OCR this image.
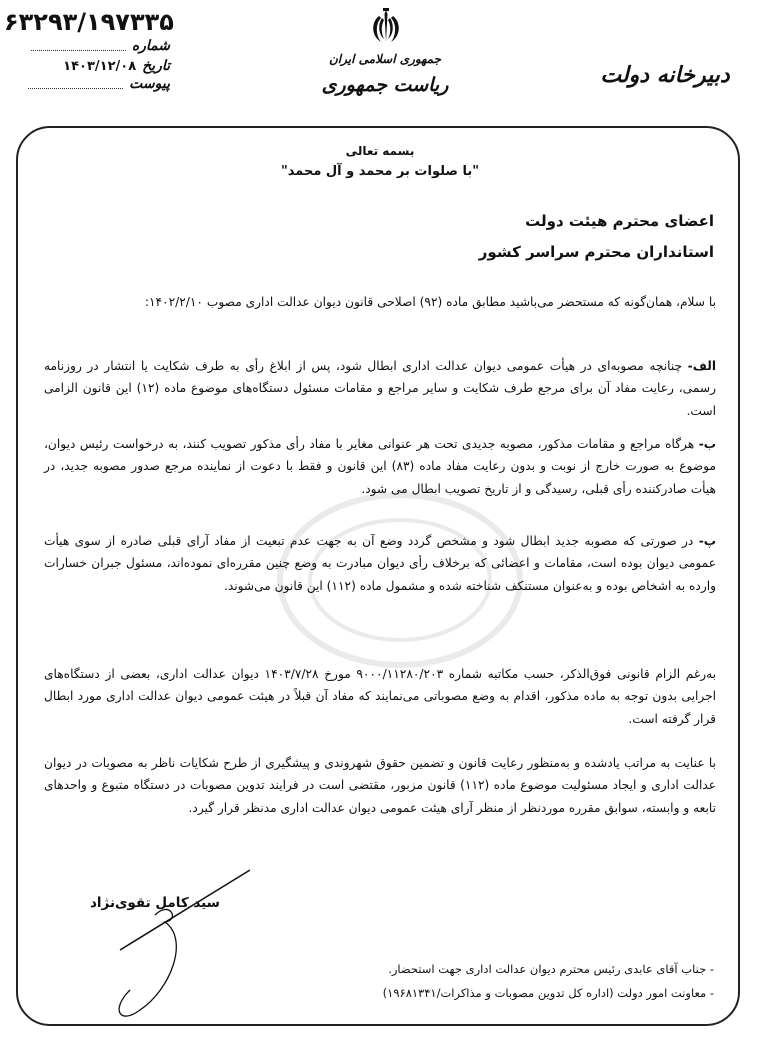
۶۳۲۹۳/۱۹۷۳۳۵
شماره
تاریخ
۱۴۰۳/۱۲/۰۸
پیوست
جمهوری اسلامی ایران
ریاست جمهوری	دبیرخانه دولت
بسمه تعالی
"با صلوات بر محمد و آل محمد"
اعضای محترم هیئت دولت
استانداران محترم سراسر کشور
با سلام، همان‌گونه که مستحضر می‌باشید مطابق ماده (۹۲) اصلاحی قانون دیوان عدالت اداری مصوب ۱۴۰۲/۲/۱۰:
الف- چنانچه مصوبه‌ای در هیأت عمومی دیوان عدالت اداری ابطال شود، پس از ابلاغ رأی به طرف شکایت یا انتشار در روزنامه رسمی، رعایت مفاد آن برای مرجع طرف شکایت و سایر مراجع و مقامات مسئول دستگاه‌های موضوع ماده (۱۲) این قانون الزامی است.
ب- هرگاه مراجع و مقامات مذکور، مصوبه جدیدی تحت هر عنوانی مغایر با مفاد رأی مذکور تصویب کنند، به درخواست رئیس دیوان، موضوع به صورت خارج از نوبت و بدون رعایت مفاد ماده (۸۳) این قانون و فقط با دعوت از نماینده مرجع صدور مصوبه جدید، در هیأت صادرکننده رأی قبلی، رسیدگی و از تاریخ تصویب ابطال می شود.
پ- در صورتی که مصوبه جدید ابطال شود و مشخص گردد وضع آن به جهت عدم تبعیت از مفاد آرای قبلی صادره از سوی هیأت عمومی دیوان بوده است، مقامات و اعضائی که برخلاف رأی دیوان مبادرت به وضع چنین مقرره‌ای نموده‌اند، مسئول جبران خسارات وارده به اشخاص بوده و به‌عنوان مستنکف شناخته شده و مشمول ماده (۱۱۲) این قانون می‌شوند.
به‌رغم الزام قانونی فوق‌الذکر، حسب مکاتبه شماره ۹۰۰۰/۱۱۲۸۰/۲۰۳ مورخ ۱۴۰۳/۷/۲۸ دیوان عدالت اداری، بعضی از دستگاه‌های اجرایی بدون توجه به ماده مذکور، اقدام به وضع مصوباتی می‌نمایند که مفاد آن قبلاً در هیئت عمومی دیوان عدالت اداری مورد ابطال قرار گرفته است.
با عنایت به مراتب یادشده و به‌منظور رعایت قانون و تضمین حقوق شهروندی و پیشگیری از طرح شکایات ناظر به مصوبات در دیوان عدالت اداری و ایجاد مسئولیت موضوع ماده (۱۱۲) قانون مزبور، مقتضی است در فرایند تدوین مصوبات در دستگاه متبوع و واحدهای تابعه و وابسته، سوابق مقرره موردنظر از منظر آرای هیئت عمومی دیوان عدالت اداری مدنظر قرار گیرد.
سید کامل تقوی‌نژاد
- جناب آقای عابدی رئیس محترم دیوان عدالت اداری جهت استحضار.
- معاونت امور دولت (اداره کل تدوین مصوبات و مذاکرات/۱۹۶۸۱۳۴۱)
